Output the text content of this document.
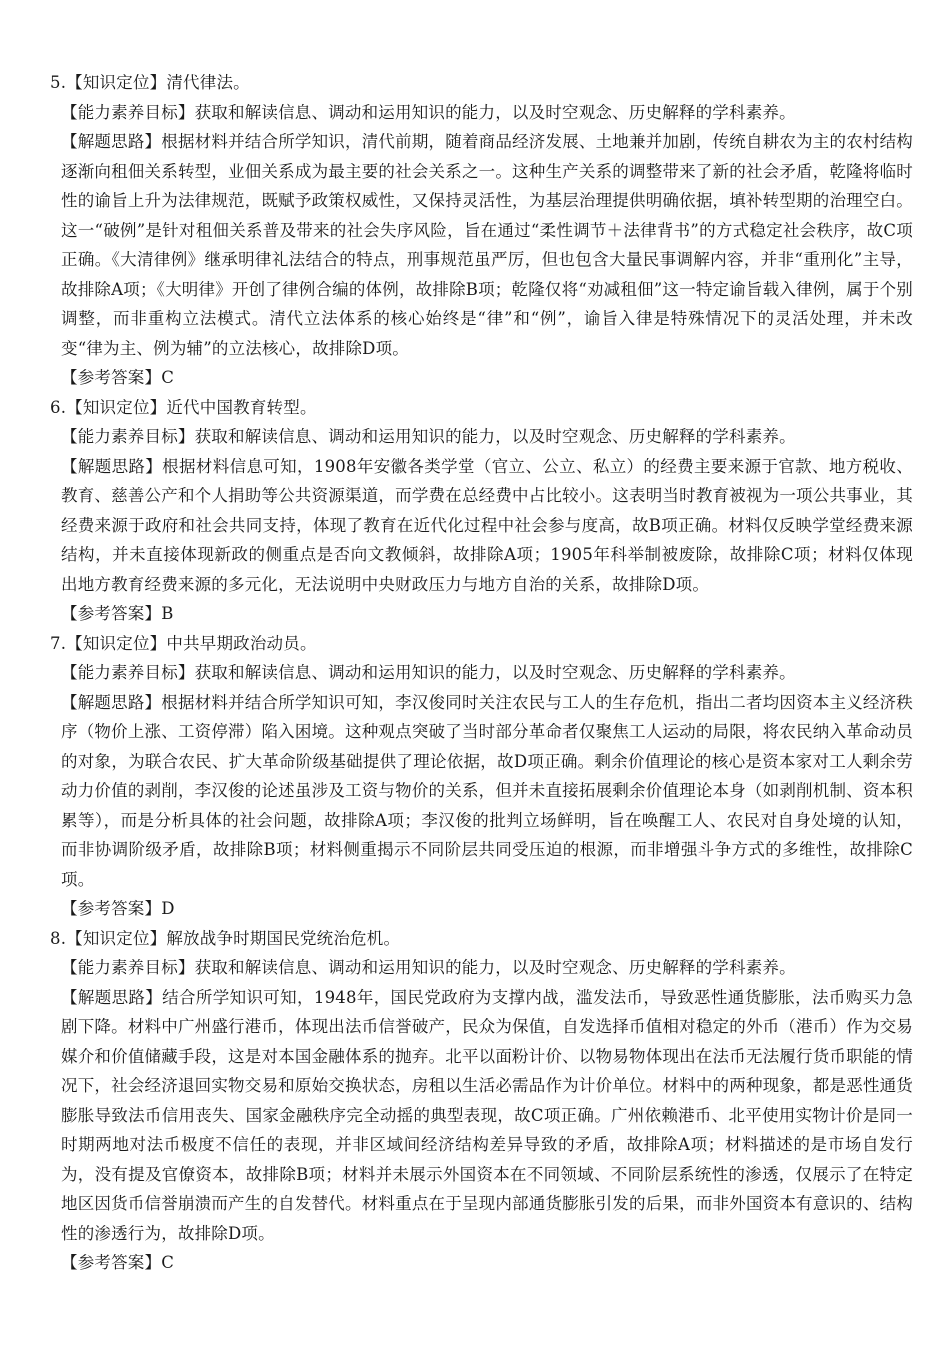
5.【知识定位】清代律法。

【能力素养目标】获取和解读信息、调动和运用知识的能力，以及时空观念、历史解释的学科素养。

【解题思路】根据材料并结合所学知识，清代前期，随着商品经济发展、土地兼并加剧，传统自耕农为主的农村结构逐渐向租佃关系转型，业佃关系成为最主要的社会关系之一。这种生产关系的调整带来了新的社会矛盾，乾隆将临时性的谕旨上升为法律规范，既赋予政策权威性，又保持灵活性，为基层治理提供明确依据，填补转型期的治理空白。这一“破例”是针对租佃关系普及带来的社会失序风险，旨在通过“柔性调节＋法律背书”的方式稳定社会秩序，故C项正确。《大清律例》继承明律礼法结合的特点，刑事规范虽严厉，但也包含大量民事调解内容，并非“重刑化”主导，故排除A项；《大明律》开创了律例合编的体例，故排除B项；乾隆仅将“劝减租佃”这一特定谕旨载入律例，属于个别调整，而非重构立法模式。清代立法体系的核心始终是“律”和“例”，谕旨入律是特殊情况下的灵活处理，并未改变“律为主、例为辅”的立法核心，故排除D项。

【参考答案】C

6.【知识定位】近代中国教育转型。

【能力素养目标】获取和解读信息、调动和运用知识的能力，以及时空观念、历史解释的学科素养。

【解题思路】根据材料信息可知，1908年安徽各类学堂（官立、公立、私立）的经费主要来源于官款、地方税收、教育、慈善公产和个人捐助等公共资源渠道，而学费在总经费中占比较小。这表明当时教育被视为一项公共事业，其经费来源于政府和社会共同支持，体现了教育在近代化过程中社会参与度高，故B项正确。材料仅反映学堂经费来源结构，并未直接体现新政的侧重点是否向文教倾斜，故排除A项；1905年科举制被废除，故排除C项；材料仅体现出地方教育经费来源的多元化，无法说明中央财政压力与地方自治的关系，故排除D项。

【参考答案】B

7.【知识定位】中共早期政治动员。

【能力素养目标】获取和解读信息、调动和运用知识的能力，以及时空观念、历史解释的学科素养。

【解题思路】根据材料并结合所学知识可知，李汉俊同时关注农民与工人的生存危机，指出二者均因资本主义经济秩序（物价上涨、工资停滞）陷入困境。这种观点突破了当时部分革命者仅聚焦工人运动的局限，将农民纳入革命动员的对象，为联合农民、扩大革命阶级基础提供了理论依据，故D项正确。剩余价值理论的核心是资本家对工人剩余劳动力价值的剥削，李汉俊的论述虽涉及工资与物价的关系，但并未直接拓展剩余价值理论本身（如剥削机制、资本积累等），而是分析具体的社会问题，故排除A项；李汉俊的批判立场鲜明，旨在唤醒工人、农民对自身处境的认知，而非协调阶级矛盾，故排除B项；材料侧重揭示不同阶层共同受压迫的根源，而非增强斗争方式的多维性，故排除C项。

【参考答案】D

8.【知识定位】解放战争时期国民党统治危机。

【能力素养目标】获取和解读信息、调动和运用知识的能力，以及时空观念、历史解释的学科素养。

【解题思路】结合所学知识可知，1948年，国民党政府为支撑内战，滥发法币，导致恶性通货膨胀，法币购买力急剧下降。材料中广州盛行港币，体现出法币信誉破产，民众为保值，自发选择币值相对稳定的外币（港币）作为交易媒介和价值储藏手段，这是对本国金融体系的抛弃。北平以面粉计价、以物易物体现出在法币无法履行货币职能的情况下，社会经济退回实物交易和原始交换状态，房租以生活必需品作为计价单位。材料中的两种现象，都是恶性通货膨胀导致法币信用丧失、国家金融秩序完全动摇的典型表现，故C项正确。广州依赖港币、北平使用实物计价是同一时期两地对法币极度不信任的表现，并非区域间经济结构差异导致的矛盾，故排除A项；材料描述的是市场自发行为，没有提及官僚资本，故排除B项；材料并未展示外国资本在不同领域、不同阶层系统性的渗透，仅展示了在特定地区因货币信誉崩溃而产生的自发替代。材料重点在于呈现内部通货膨胀引发的后果，而非外国资本有意识的、结构性的渗透行为，故排除D项。

【参考答案】C
